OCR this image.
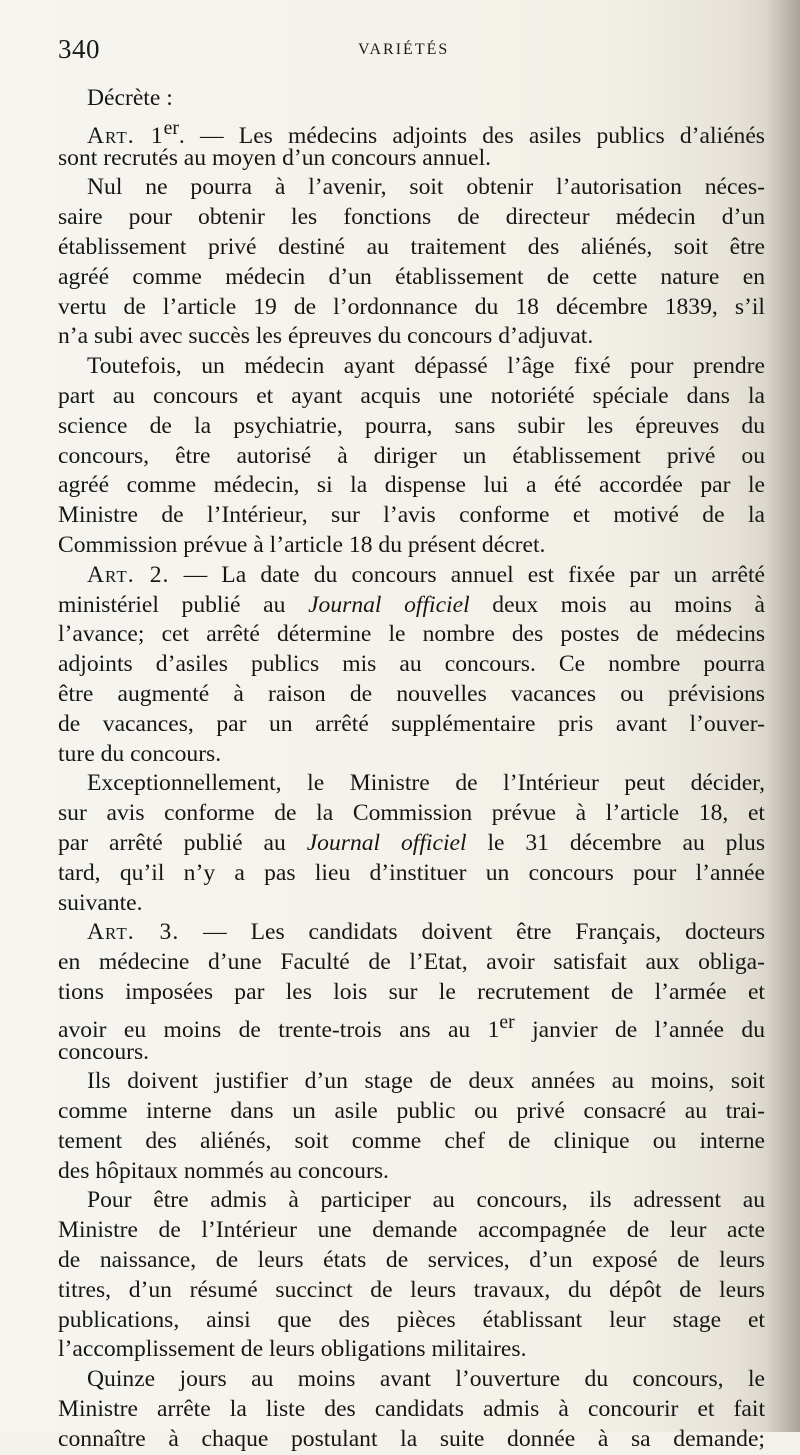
340	VARIÉTÉS
Décrète :
Art. 1er. — Les médecins adjoints des asiles publics d’aliénés
sont recrutés au moyen d’un concours annuel.
Nul ne pourra à l’avenir, soit obtenir l’autorisation néces-
saire pour obtenir les fonctions de directeur médecin d’un
établissement privé destiné au traitement des aliénés, soit être
agréé comme médecin d’un établissement de cette nature en
vertu de l’article 19 de l’ordonnance du 18 décembre 1839, s’il
n’a subi avec succès les épreuves du concours d’adjuvat.
Toutefois, un médecin ayant dépassé l’âge fixé pour prendre
part au concours et ayant acquis une notoriété spéciale dans la
science de la psychiatrie, pourra, sans subir les épreuves du
concours, être autorisé à diriger un établissement privé ou
agréé comme médecin, si la dispense lui a été accordée par le
Ministre de l’Intérieur, sur l’avis conforme et motivé de la
Commission prévue à l’article 18 du présent décret.
Art. 2. — La date du concours annuel est fixée par un arrêté
ministériel publié au Journal officiel deux mois au moins à
l’avance; cet arrêté détermine le nombre des postes de médecins
adjoints d’asiles publics mis au concours. Ce nombre pourra
être augmenté à raison de nouvelles vacances ou prévisions
de vacances, par un arrêté supplémentaire pris avant l’ouver-
ture du concours.
Exceptionnellement, le Ministre de l’Intérieur peut décider,
sur avis conforme de la Commission prévue à l’article 18, et
par arrêté publié au Journal officiel le 31 décembre au plus
tard, qu’il n’y a pas lieu d’instituer un concours pour l’année
suivante.
Art. 3. — Les candidats doivent être Français, docteurs
en médecine d’une Faculté de l’Etat, avoir satisfait aux obliga-
tions imposées par les lois sur le recrutement de l’armée et
avoir eu moins de trente-trois ans au 1er janvier de l’année du
concours.
Ils doivent justifier d’un stage de deux années au moins, soit
comme interne dans un asile public ou privé consacré au trai-
tement des aliénés, soit comme chef de clinique ou interne
des hôpitaux nommés au concours.
Pour être admis à participer au concours, ils adressent au
Ministre de l’Intérieur une demande accompagnée de leur acte
de naissance, de leurs états de services, d’un exposé de leurs
titres, d’un résumé succinct de leurs travaux, du dépôt de leurs
publications, ainsi que des pièces établissant leur stage et
l’accomplissement de leurs obligations militaires.
Quinze jours au moins avant l’ouverture du concours, le
Ministre arrête la liste des candidats admis à concourir et fait
connaître à chaque postulant la suite donnée à sa demande;
